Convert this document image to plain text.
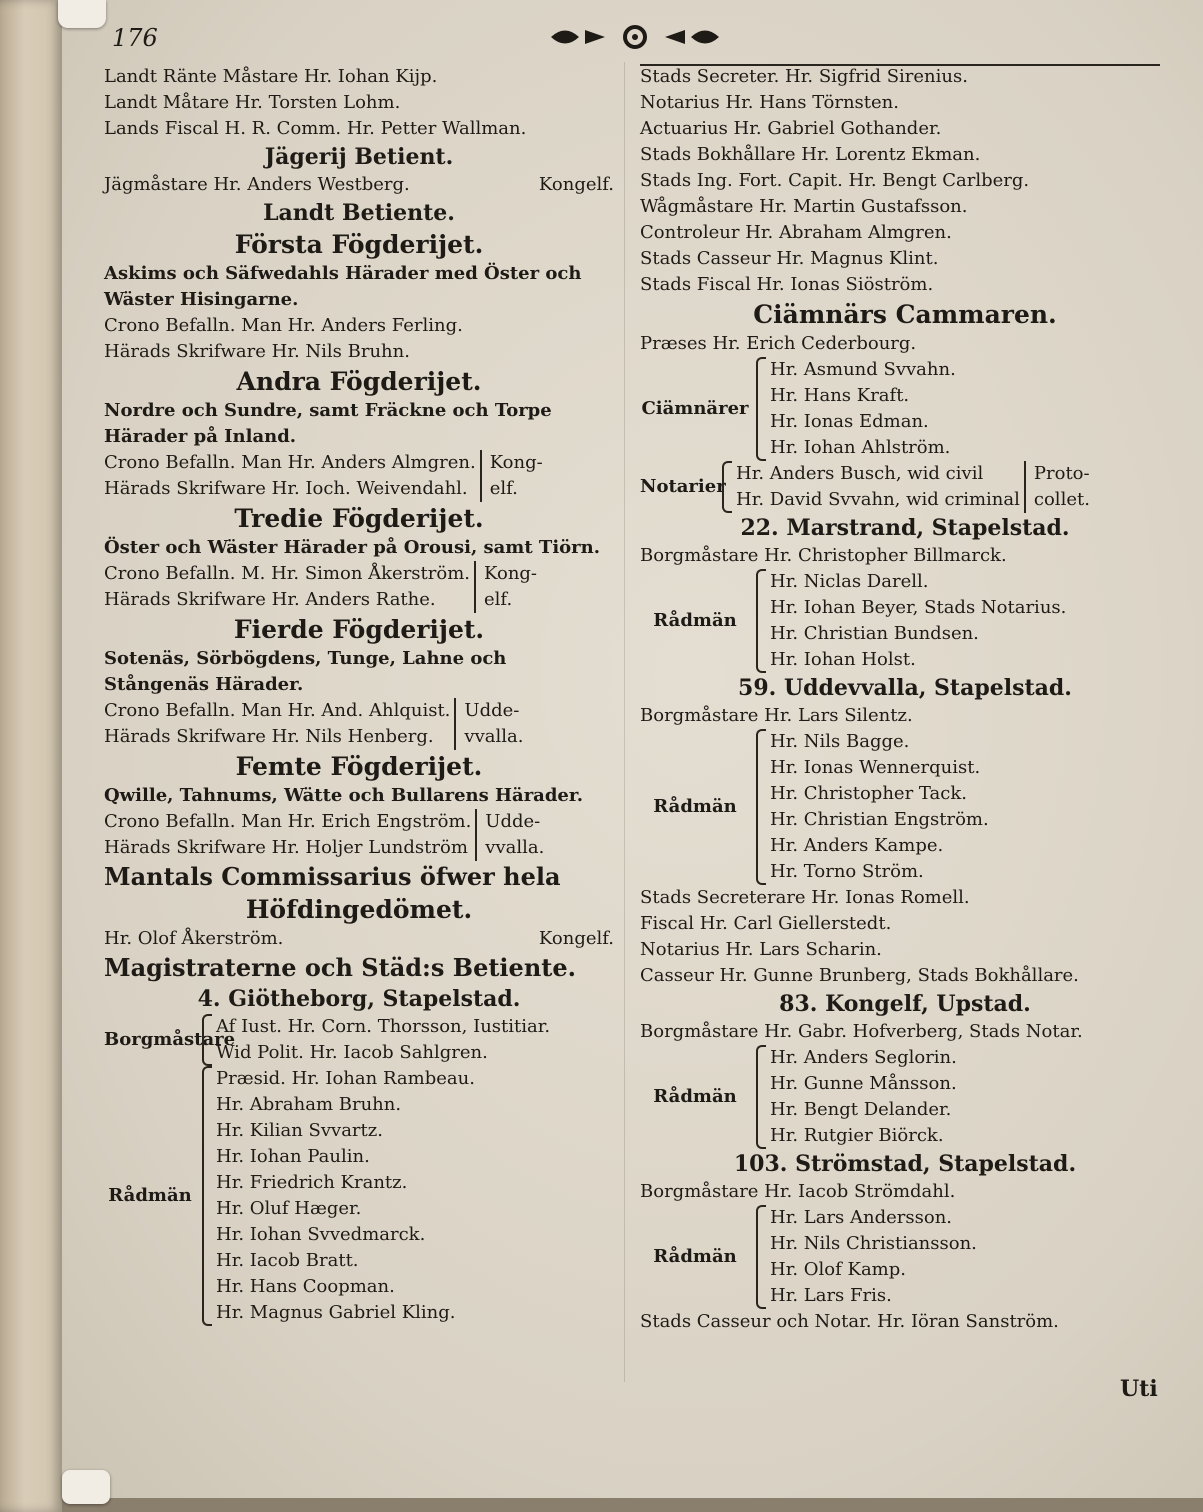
176
Landt Ränte Måstare Hr. Iohan Kijp.
Landt Måtare Hr. Torsten Lohm.
Lands Fiscal H. R. Comm. Hr. Petter Wallman.
Jägerij Betient.
Jägmåstare Hr. Anders Westberg.	Kongelf.
Landt Betiente.
Första Fögderijet.
Askims och Säfwedahls Härader med Öster och Wäster Hisingarne.
Crono Befalln. Man Hr. Anders Ferling.
Härads Skrifware Hr. Nils Bruhn.
Andra Fögderijet.
Nordre och Sundre, samt Fräckne och Torpe Härader på Inland.
Crono Befalln. Man Hr. Anders Almgren.
Härads Skrifware Hr. Ioch. Weivendahl.
Kong-
elf.
Tredie Fögderijet.
Öster och Wäster Härader på Orousi, samt Tiörn.
Crono Befalln. M. Hr. Simon Åkerström.
Härads Skrifware Hr. Anders Rathe.
Kong-
elf.
Fierde Fögderijet.
Sotenäs, Sörbögdens, Tunge, Lahne och Stångenäs Härader.
Crono Befalln. Man Hr. And. Ahlquist.
Härads Skrifware Hr. Nils Henberg.
Udde-
vvalla.
Femte Fögderijet.
Qwille, Tahnums, Wätte och Bullarens Härader.
Crono Befalln. Man Hr. Erich Engström.
Härads Skrifware Hr. Holjer Lundström
Udde-
vvalla.
Mantals Commissarius öfwer hela
Höfdingedömet.
Hr. Olof Åkerström.	Kongelf.
Magistraterne och Städ:s Betiente.
4. Giötheborg, Stapelstad.
Borgmåstare
Af Iust. Hr. Corn. Thorsson, Iustitiar.
Wid Polit. Hr. Iacob Sahlgren.
Rådmän
Præsid. Hr. Iohan Rambeau.
Hr. Abraham Bruhn.
Hr. Kilian Svvartz.
Hr. Iohan Paulin.
Hr. Friedrich Krantz.
Hr. Oluf Hæger.
Hr. Iohan Svvedmarck.
Hr. Iacob Bratt.
Hr. Hans Coopman.
Hr. Magnus Gabriel Kling.
Stads Secreter. Hr. Sigfrid Sirenius.
Notarius Hr. Hans Törnsten.
Actuarius Hr. Gabriel Gothander.
Stads Bokhållare Hr. Lorentz Ekman.
Stads Ing. Fort. Capit. Hr. Bengt Carlberg.
Wågmåstare Hr. Martin Gustafsson.
Controleur Hr. Abraham Almgren.
Stads Casseur Hr. Magnus Klint.
Stads Fiscal Hr. Ionas Siöström.
Ciämnärs Cammaren.
Præses Hr. Erich Cederbourg.
Ciämnärer
Hr. Asmund Svvahn.
Hr. Hans Kraft.
Hr. Ionas Edman.
Hr. Iohan Ahlström.
Notarier
Hr. Anders Busch, wid civil
Hr. David Svvahn, wid criminal
Proto-
collet.
22. Marstrand, Stapelstad.
Borgmåstare Hr. Christopher Billmarck.
Rådmän
Hr. Niclas Darell.
Hr. Iohan Beyer, Stads Notarius.
Hr. Christian Bundsen.
Hr. Iohan Holst.
59. Uddevvalla, Stapelstad.
Borgmåstare Hr. Lars Silentz.
Rådmän
Hr. Nils Bagge.
Hr. Ionas Wennerquist.
Hr. Christopher Tack.
Hr. Christian Engström.
Hr. Anders Kampe.
Hr. Torno Ström.
Stads Secreterare Hr. Ionas Romell.
Fiscal Hr. Carl Giellerstedt.
Notarius Hr. Lars Scharin.
Casseur Hr. Gunne Brunberg, Stads Bokhållare.
83. Kongelf, Upstad.
Borgmåstare Hr. Gabr. Hofverberg, Stads Notar.
Rådmän
Hr. Anders Seglorin.
Hr. Gunne Månsson.
Hr. Bengt Delander.
Hr. Rutgier Biörck.
103. Strömstad, Stapelstad.
Borgmåstare Hr. Iacob Strömdahl.
Rådmän
Hr. Lars Andersson.
Hr. Nils Christiansson.
Hr. Olof Kamp.
Hr. Lars Fris.
Stads Casseur och Notar. Hr. Iöran Sanström.
Uti
